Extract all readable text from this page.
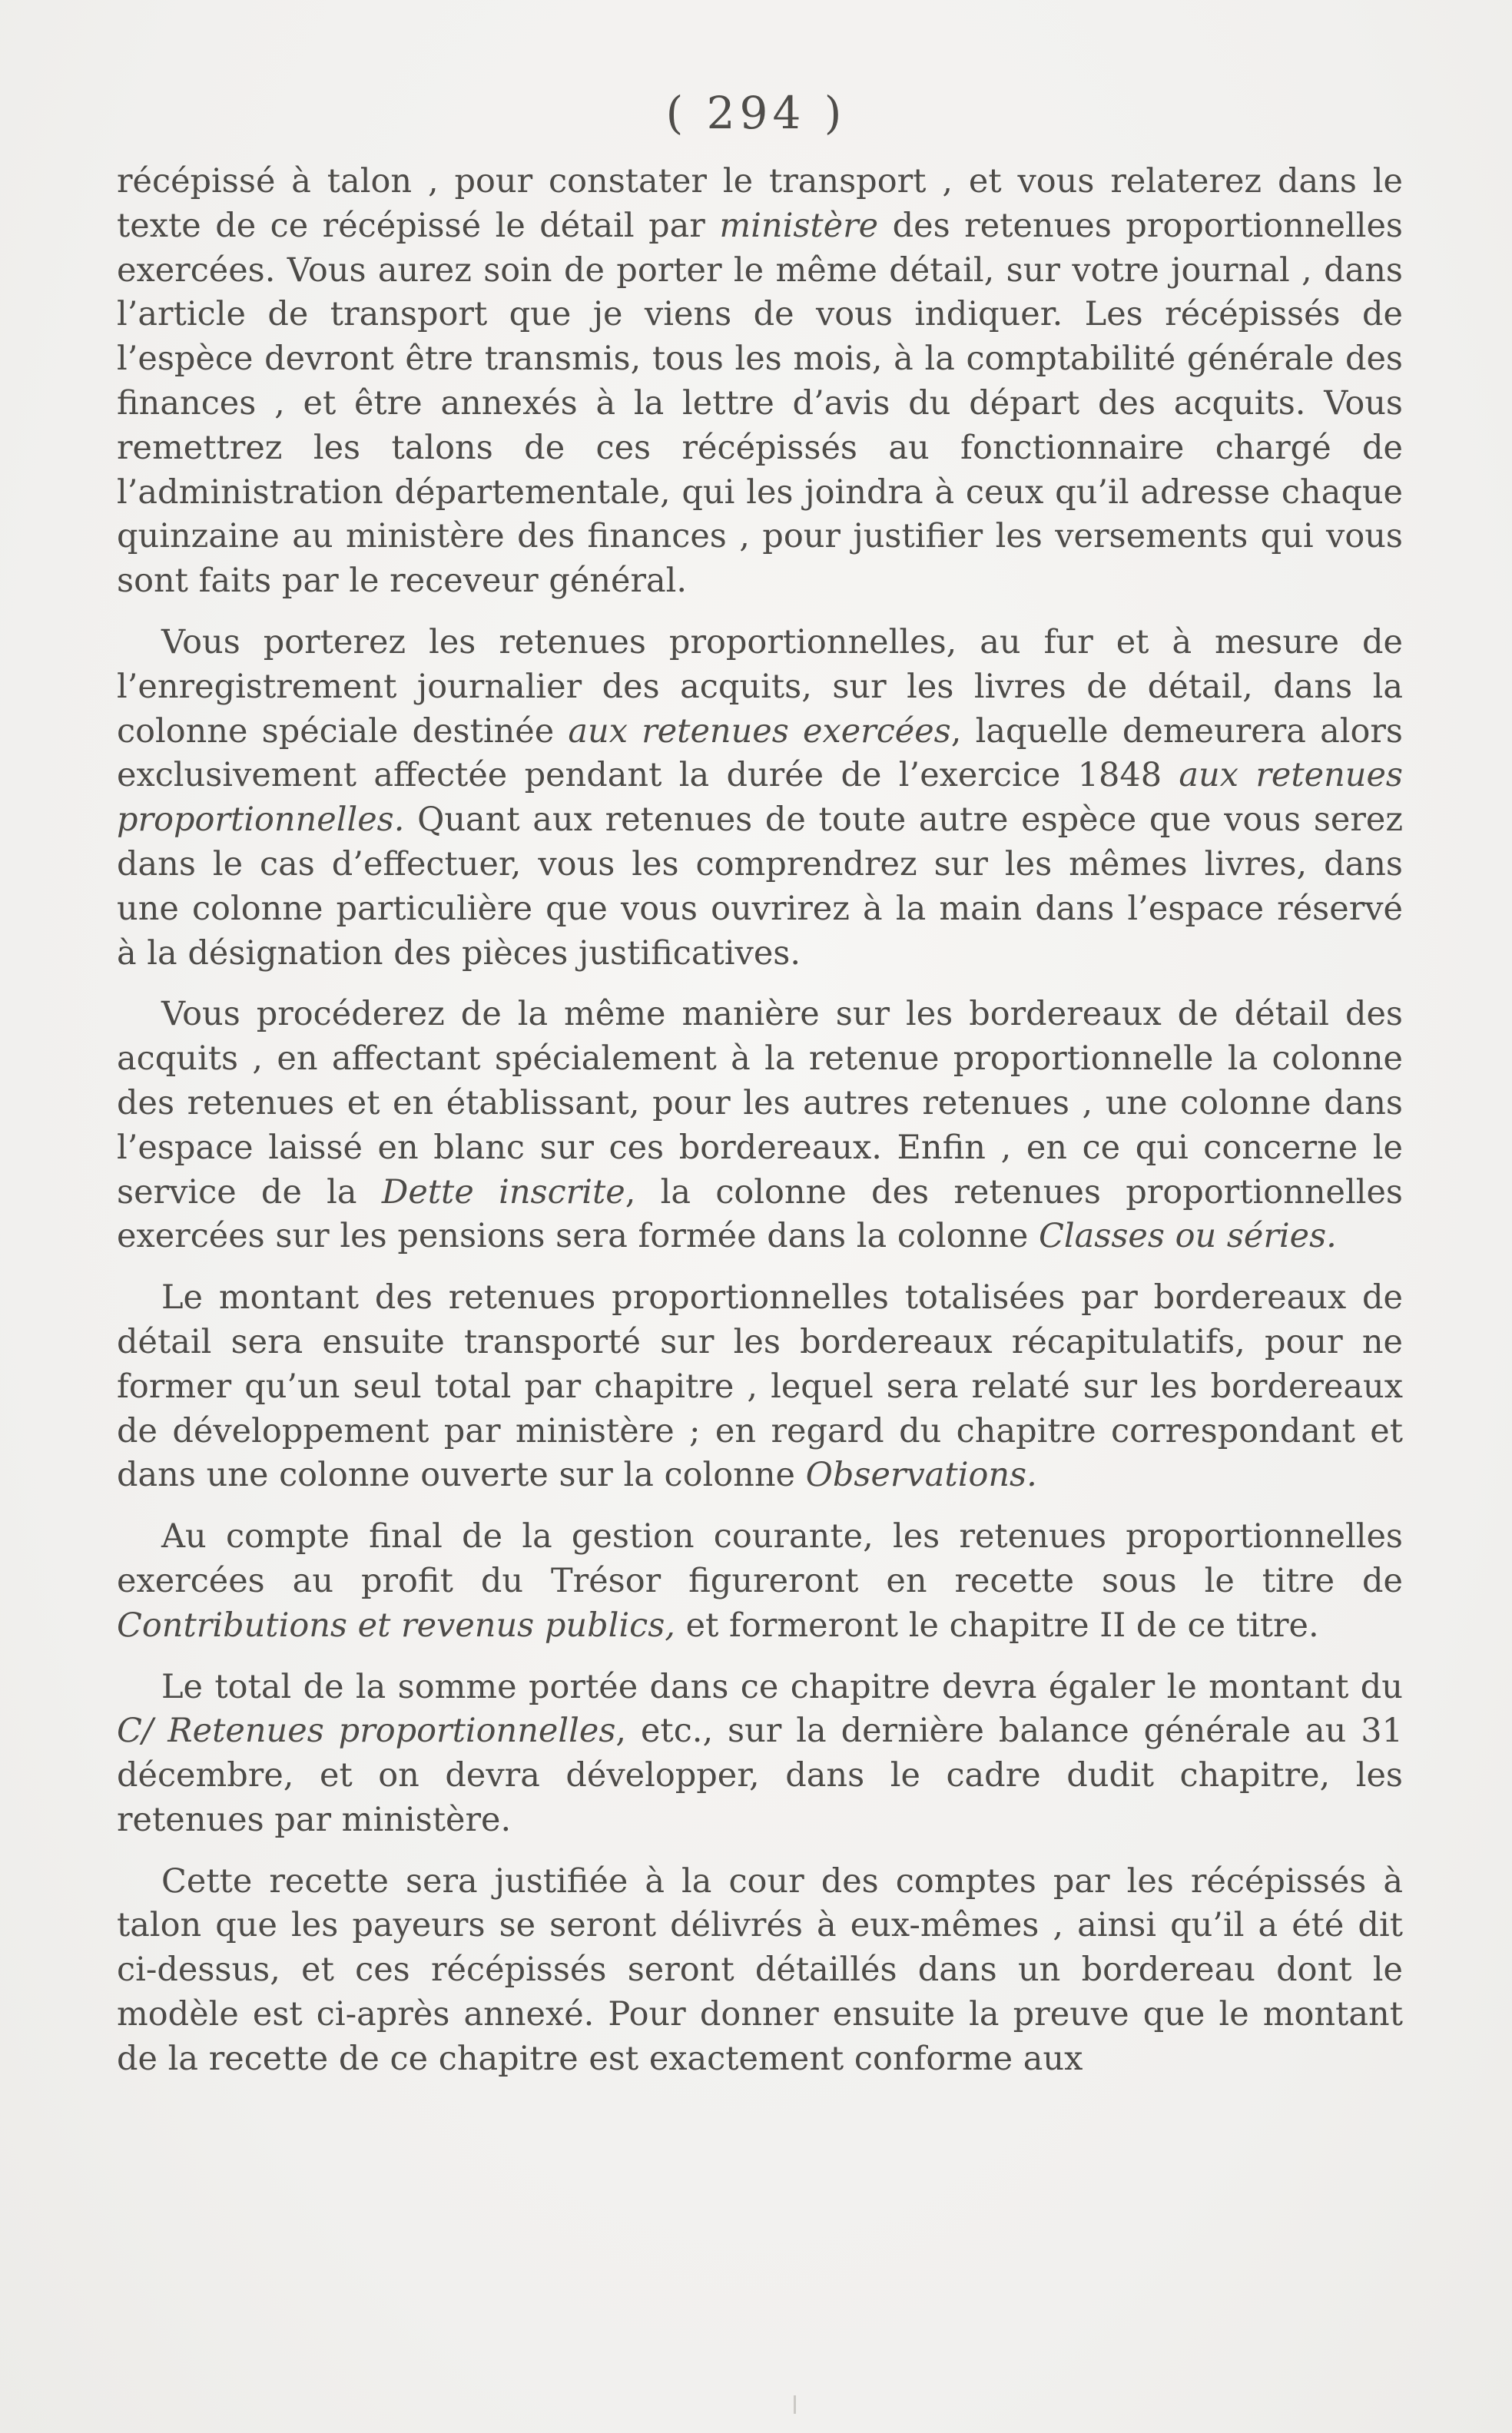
( 294 )

récépissé à talon , pour constater le transport , et vous relaterez dans le texte de ce récépissé le détail par ministère des retenues proportionnelles exercées. Vous aurez soin de porter le même détail, sur votre journal , dans l’article de transport que je viens de vous indiquer. Les récépissés de l’espèce devront être transmis, tous les mois, à la comptabilité générale des finances , et être annexés à la lettre d’avis du départ des acquits. Vous remettrez les talons de ces récépissés au fonctionnaire chargé de l’administration départementale, qui les joindra à ceux qu’il adresse chaque quinzaine au ministère des finances , pour justifier les versements qui vous sont faits par le receveur général.

Vous porterez les retenues proportionnelles, au fur et à mesure de l’enregistrement journalier des acquits, sur les livres de détail, dans la colonne spéciale destinée aux retenues exercées, laquelle demeurera alors exclusivement affectée pendant la durée de l’exercice 1848 aux retenues proportionnelles. Quant aux retenues de toute autre espèce que vous serez dans le cas d’effectuer, vous les comprendrez sur les mêmes livres, dans une colonne particulière que vous ouvrirez à la main dans l’espace réservé à la désignation des pièces justificatives.

Vous procéderez de la même manière sur les bordereaux de détail des acquits , en affectant spécialement à la retenue proportionnelle la colonne des retenues et en établissant, pour les autres retenues , une colonne dans l’espace laissé en blanc sur ces bordereaux. Enfin , en ce qui concerne le service de la Dette inscrite, la colonne des retenues proportionnelles exercées sur les pensions sera formée dans la colonne Classes ou séries.

Le montant des retenues proportionnelles totalisées par bordereaux de détail sera ensuite transporté sur les bordereaux récapitulatifs, pour ne former qu’un seul total par chapitre , lequel sera relaté sur les bordereaux de développement par ministère ; en regard du chapitre correspondant et dans une colonne ouverte sur la colonne Observations.

Au compte final de la gestion courante, les retenues proportionnelles exercées au profit du Trésor figureront en recette sous le titre de Contributions et revenus publics, et formeront le chapitre II de ce titre.

Le total de la somme portée dans ce chapitre devra égaler le montant du C/ Retenues proportionnelles, etc., sur la dernière balance générale au 31 décembre, et on devra développer, dans le cadre dudit chapitre, les retenues par ministère.

Cette recette sera justifiée à la cour des comptes par les récépissés à talon que les payeurs se seront délivrés à eux-mêmes , ainsi qu’il a été dit ci-dessus, et ces récépissés seront détaillés dans un bordereau dont le modèle est ci-après annexé. Pour donner ensuite la preuve que le montant de la recette de ce chapitre est exactement conforme aux
